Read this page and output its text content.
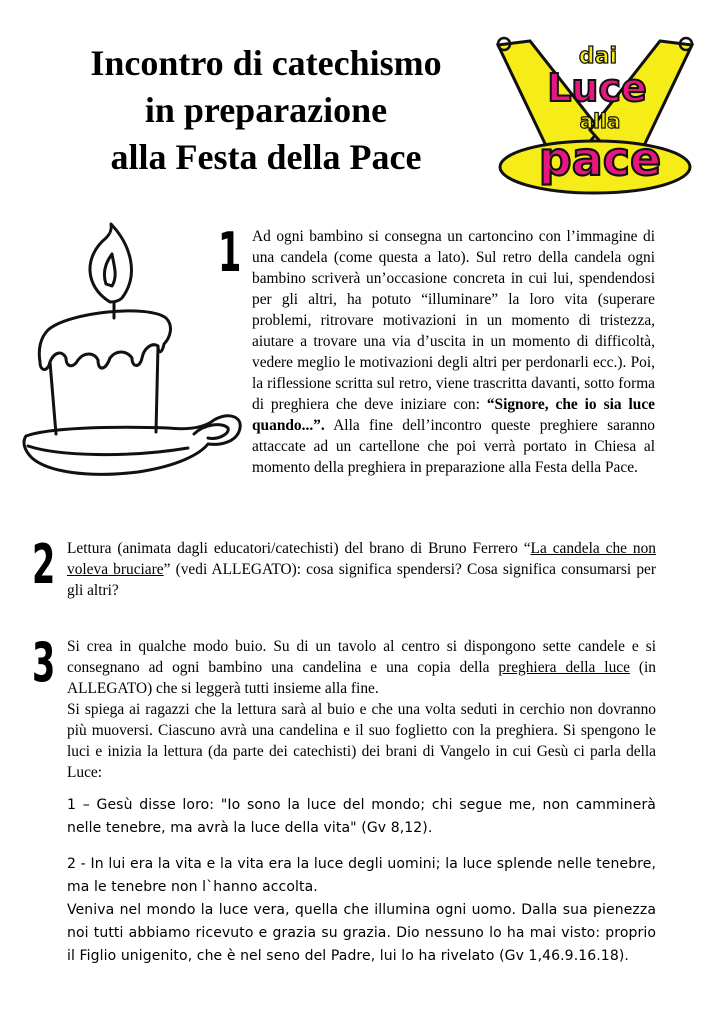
Incontro di catechismo
in preparazione
alla Festa della Pace
dai
Luce
alla
pace
1 Ad ogni bambino si consegna un cartoncino con l’immagine di una candela (come questa a lato). Sul retro della candela ogni bambino scriverà un’occasione concreta in cui lui, spendendosi per gli altri, ha potuto “illuminare” la loro vita (superare problemi, ritrovare motivazioni in un momento di tristezza, aiutare a trovare una via d’uscita in un momento di difficoltà, vedere meglio le motivazioni degli altri per perdonarli ecc.). Poi, la riflessione scritta sul retro, viene trascritta davanti, sotto forma di preghiera che deve iniziare con: “Signore, che io sia luce quando...”. Alla fine dell’incontro queste preghiere saranno attaccate ad un cartellone che poi verrà portato in Chiesa al momento della preghiera in preparazione alla Festa della Pace.
2 Lettura (animata dagli educatori/catechisti) del brano di Bruno Ferrero “La candela che non voleva bruciare” (vedi ALLEGATO): cosa significa spendersi? Cosa significa consumarsi per gli altri?
3 Si crea in qualche modo buio. Su di un tavolo al centro si dispongono sette candele e si consegnano ad ogni bambino una candelina e una copia della preghiera della luce (in ALLEGATO) che si leggerà tutti insieme alla fine.
Si spiega ai ragazzi che la lettura sarà al buio e che una volta seduti in cerchio non dovranno più muoversi. Ciascuno avrà una candelina e il suo foglietto con la preghiera. Si spengono le luci e inizia la lettura (da parte dei catechisti) dei brani di Vangelo in cui Gesù ci parla della Luce:
1 – Gesù disse loro: "Io sono la luce del mondo; chi segue me, non camminerà nelle tenebre, ma avrà la luce della vita" (Gv 8,12).
2 - In lui era la vita e la vita era la luce degli uomini; la luce splende nelle tenebre, ma le tenebre non l`hanno accolta.
Veniva nel mondo la luce vera, quella che illumina ogni uomo. Dalla sua pienezza noi tutti abbiamo ricevuto e grazia su grazia. Dio nessuno lo ha mai visto: proprio il Figlio unigenito, che è nel seno del Padre, lui lo ha rivelato (Gv 1,46.9.16.18).
